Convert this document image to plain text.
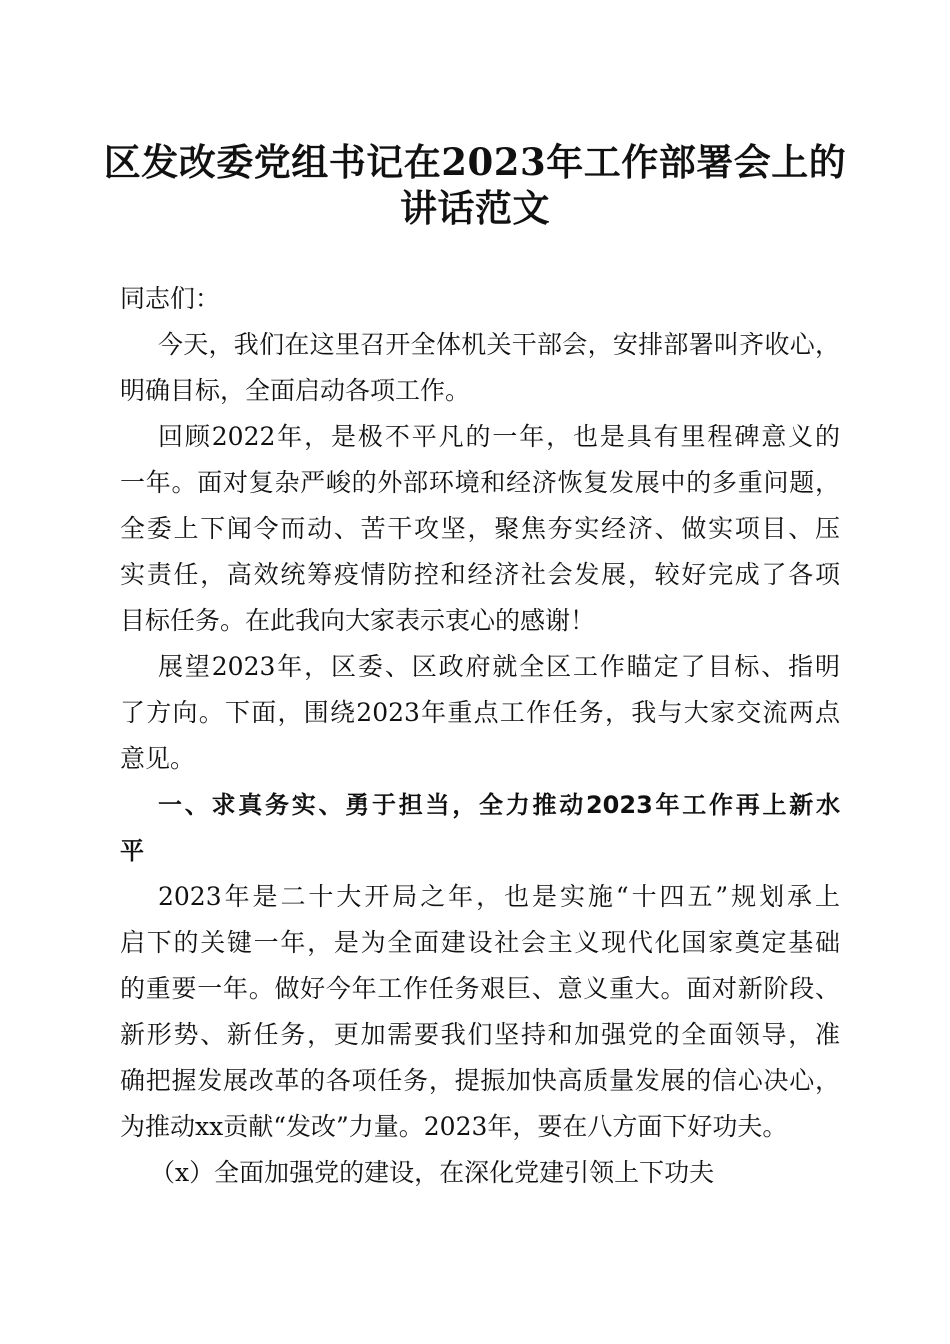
区发改委党组书记在2023年工作部署会上的
讲话范文
同志们：
今天，我们在这里召开全体机关干部会，安排部署叫齐收心，
明确目标，全面启动各项工作。
回顾2022年，是极不平凡的一年，也是具有里程碑意义的
一年。面对复杂严峻的外部环境和经济恢复发展中的多重问题，
全委上下闻令而动、苦干攻坚，聚焦夯实经济、做实项目、压
实责任，高效统筹疫情防控和经济社会发展，较好完成了各项
目标任务。在此我向大家表示衷心的感谢！
展望2023年，区委、区政府就全区工作瞄定了目标、指明
了方向。下面，围绕2023年重点工作任务，我与大家交流两点
意见。
一、求真务实、勇于担当，全力推动2023年工作再上新水
平
2023年是二十大开局之年，也是实施“十四五”规划承上
启下的关键一年，是为全面建设社会主义现代化国家奠定基础
的重要一年。做好今年工作任务艰巨、意义重大。面对新阶段、
新形势、新任务，更加需要我们坚持和加强党的全面领导，准
确把握发展改革的各项任务，提振加快高质量发展的信心决心，
为推动xx贡献“发改”力量。2023年，要在八方面下好功夫。
（x）全面加强党的建设，在深化党建引领上下功夫
